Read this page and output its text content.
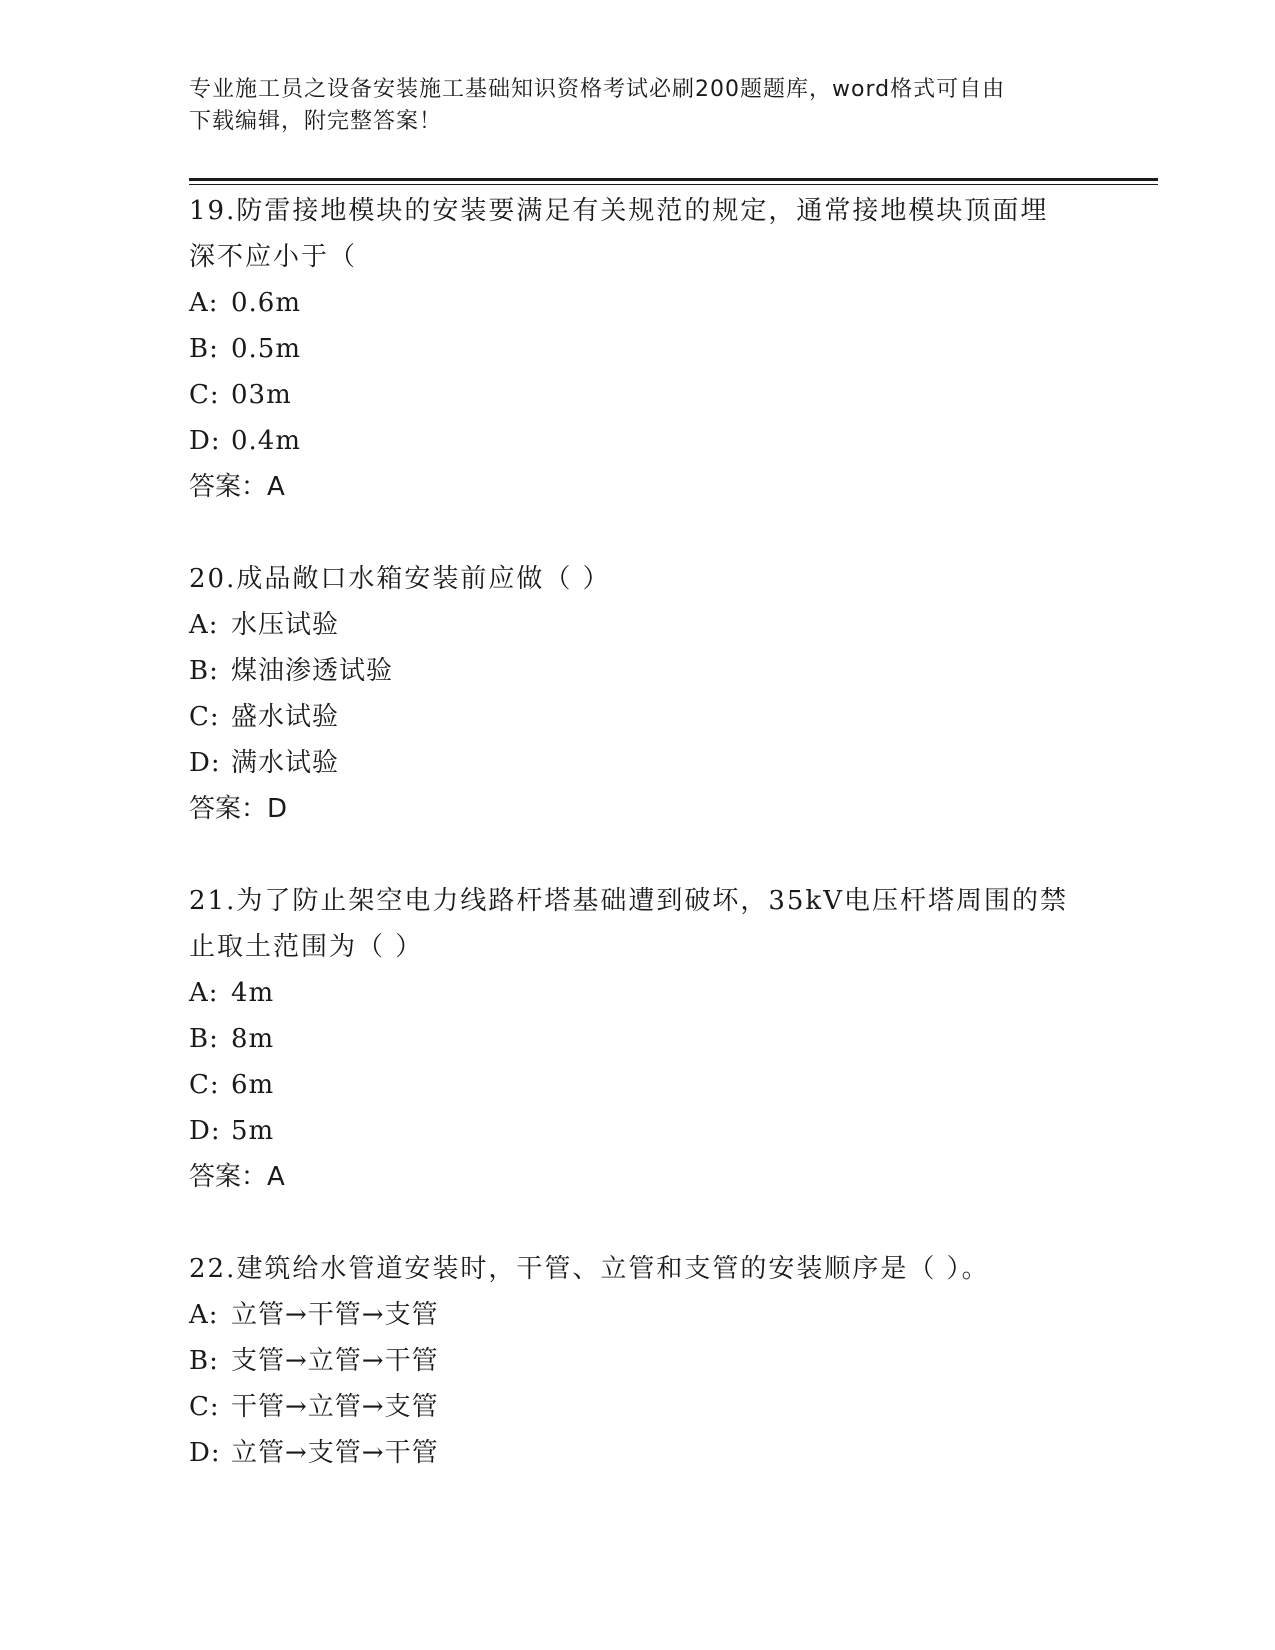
专业施工员之设备安装施工基础知识资格考试必刷200题题库，word格式可自由
下载编辑，附完整答案！

19.防雷接地模块的安装要满足有关规范的规定，通常接地模块顶面埋

深不应小于（

A: 0.6m

B: 0.5m

C: 03m

D: 0.4m

答案：A

20.成品敞口水箱安装前应做（ ）

A: 水压试验

B: 煤油渗透试验

C: 盛水试验

D: 满水试验

答案：D

21.为了防止架空电力线路杆塔基础遭到破坏，35kV电压杆塔周围的禁

止取土范围为（ ）

A: 4m

B: 8m

C: 6m

D: 5m

答案：A

22.建筑给水管道安装时，干管、立管和支管的安装顺序是（ ）。

A: 立管→干管→支管

B: 支管→立管→干管

C: 干管→立管→支管

D: 立管→支管→干管
